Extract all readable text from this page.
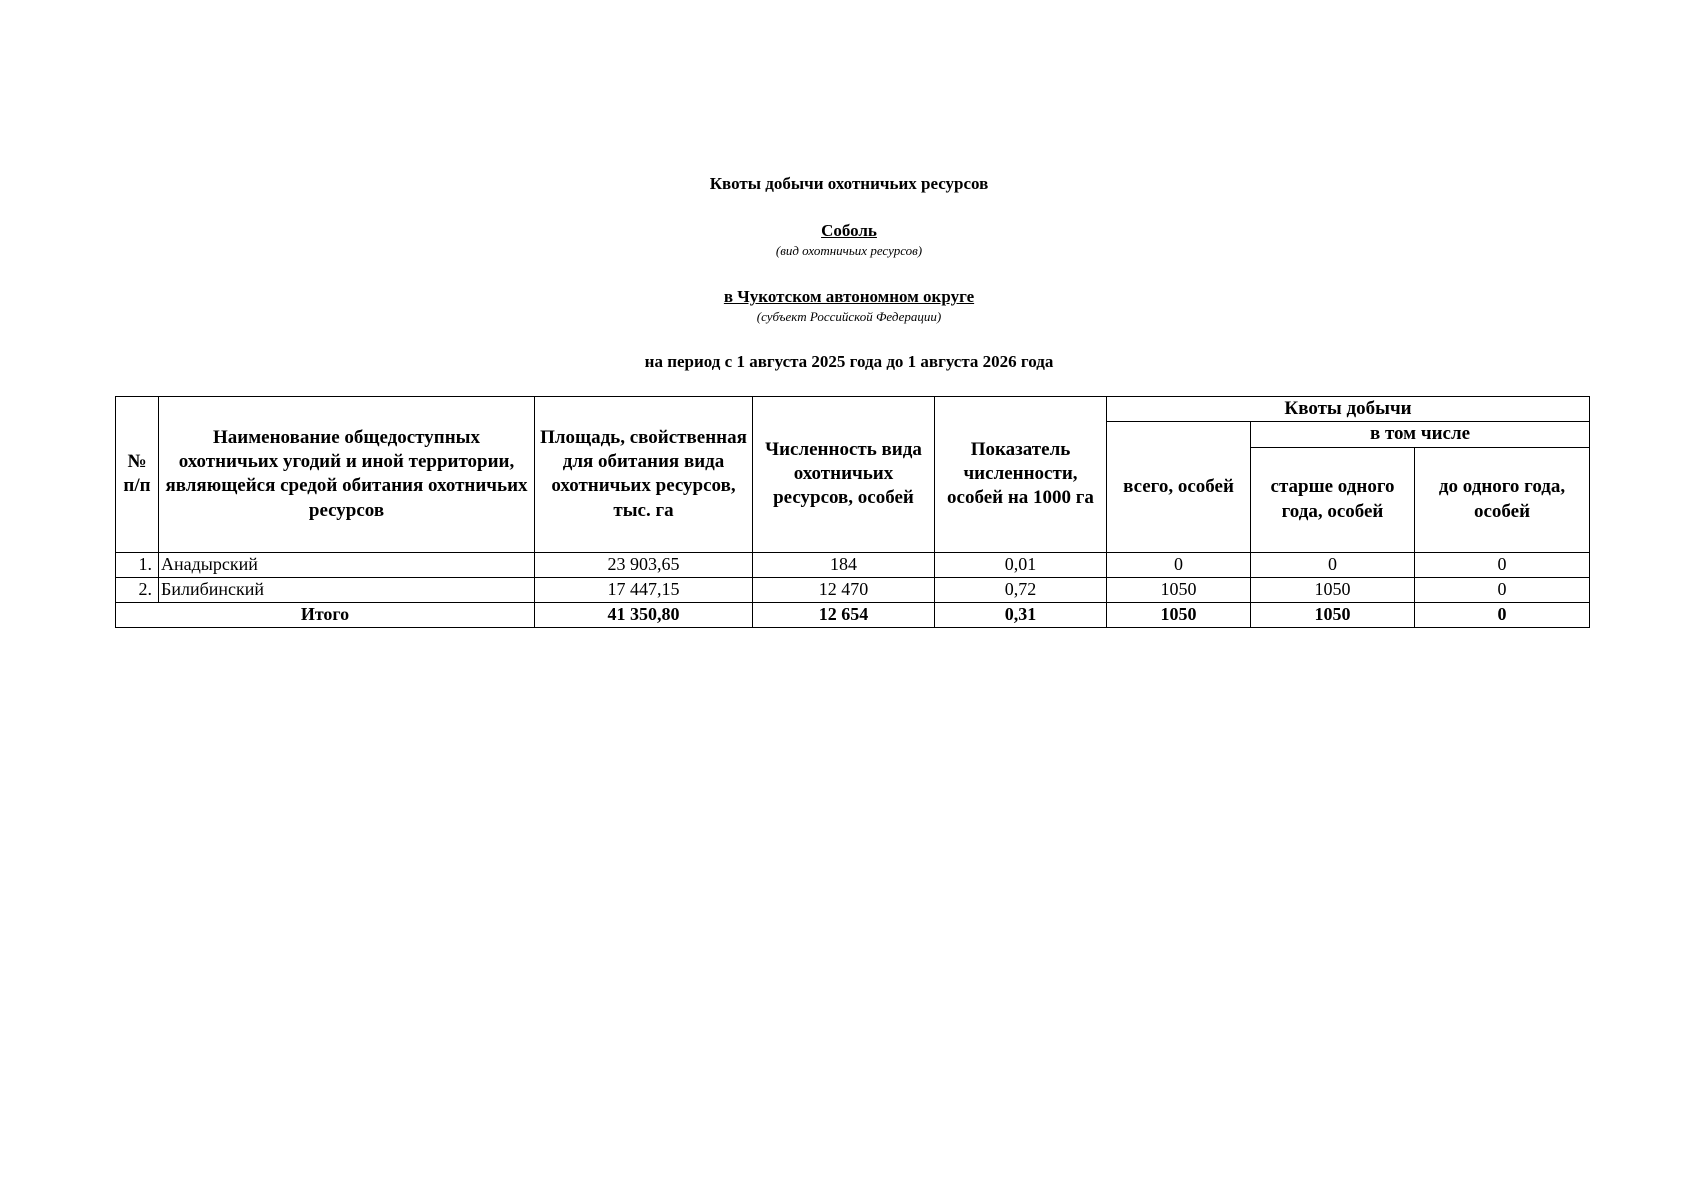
Квоты добычи охотничьих ресурсов
Соболь
(вид охотничьих ресурсов)
в Чукотском автономном округе
(субъект Российской Федерации)
на период с 1 августа 2025 года до 1 августа 2026 года
№ п/п	Наименование общедоступных охотничьих угодий и иной территории, являющейся средой обитания охотничьих ресурсов	Площадь, свойственная для обитания вида охотничьих ресурсов, тыс. га	Численность вида охотничьих ресурсов, особей	Показатель численности, особей на 1000 га	Квоты добычи		
					всего, особей	в том числе	
						старше одного года, особей	до одного года, особей
1.	Анадырский	23 903,65	184	0,01	0	0	0
2.	Билибинский	17 447,15	12 470	0,72	1050	1050	0
Итого		41 350,80	12 654	0,31	1050	1050	0
